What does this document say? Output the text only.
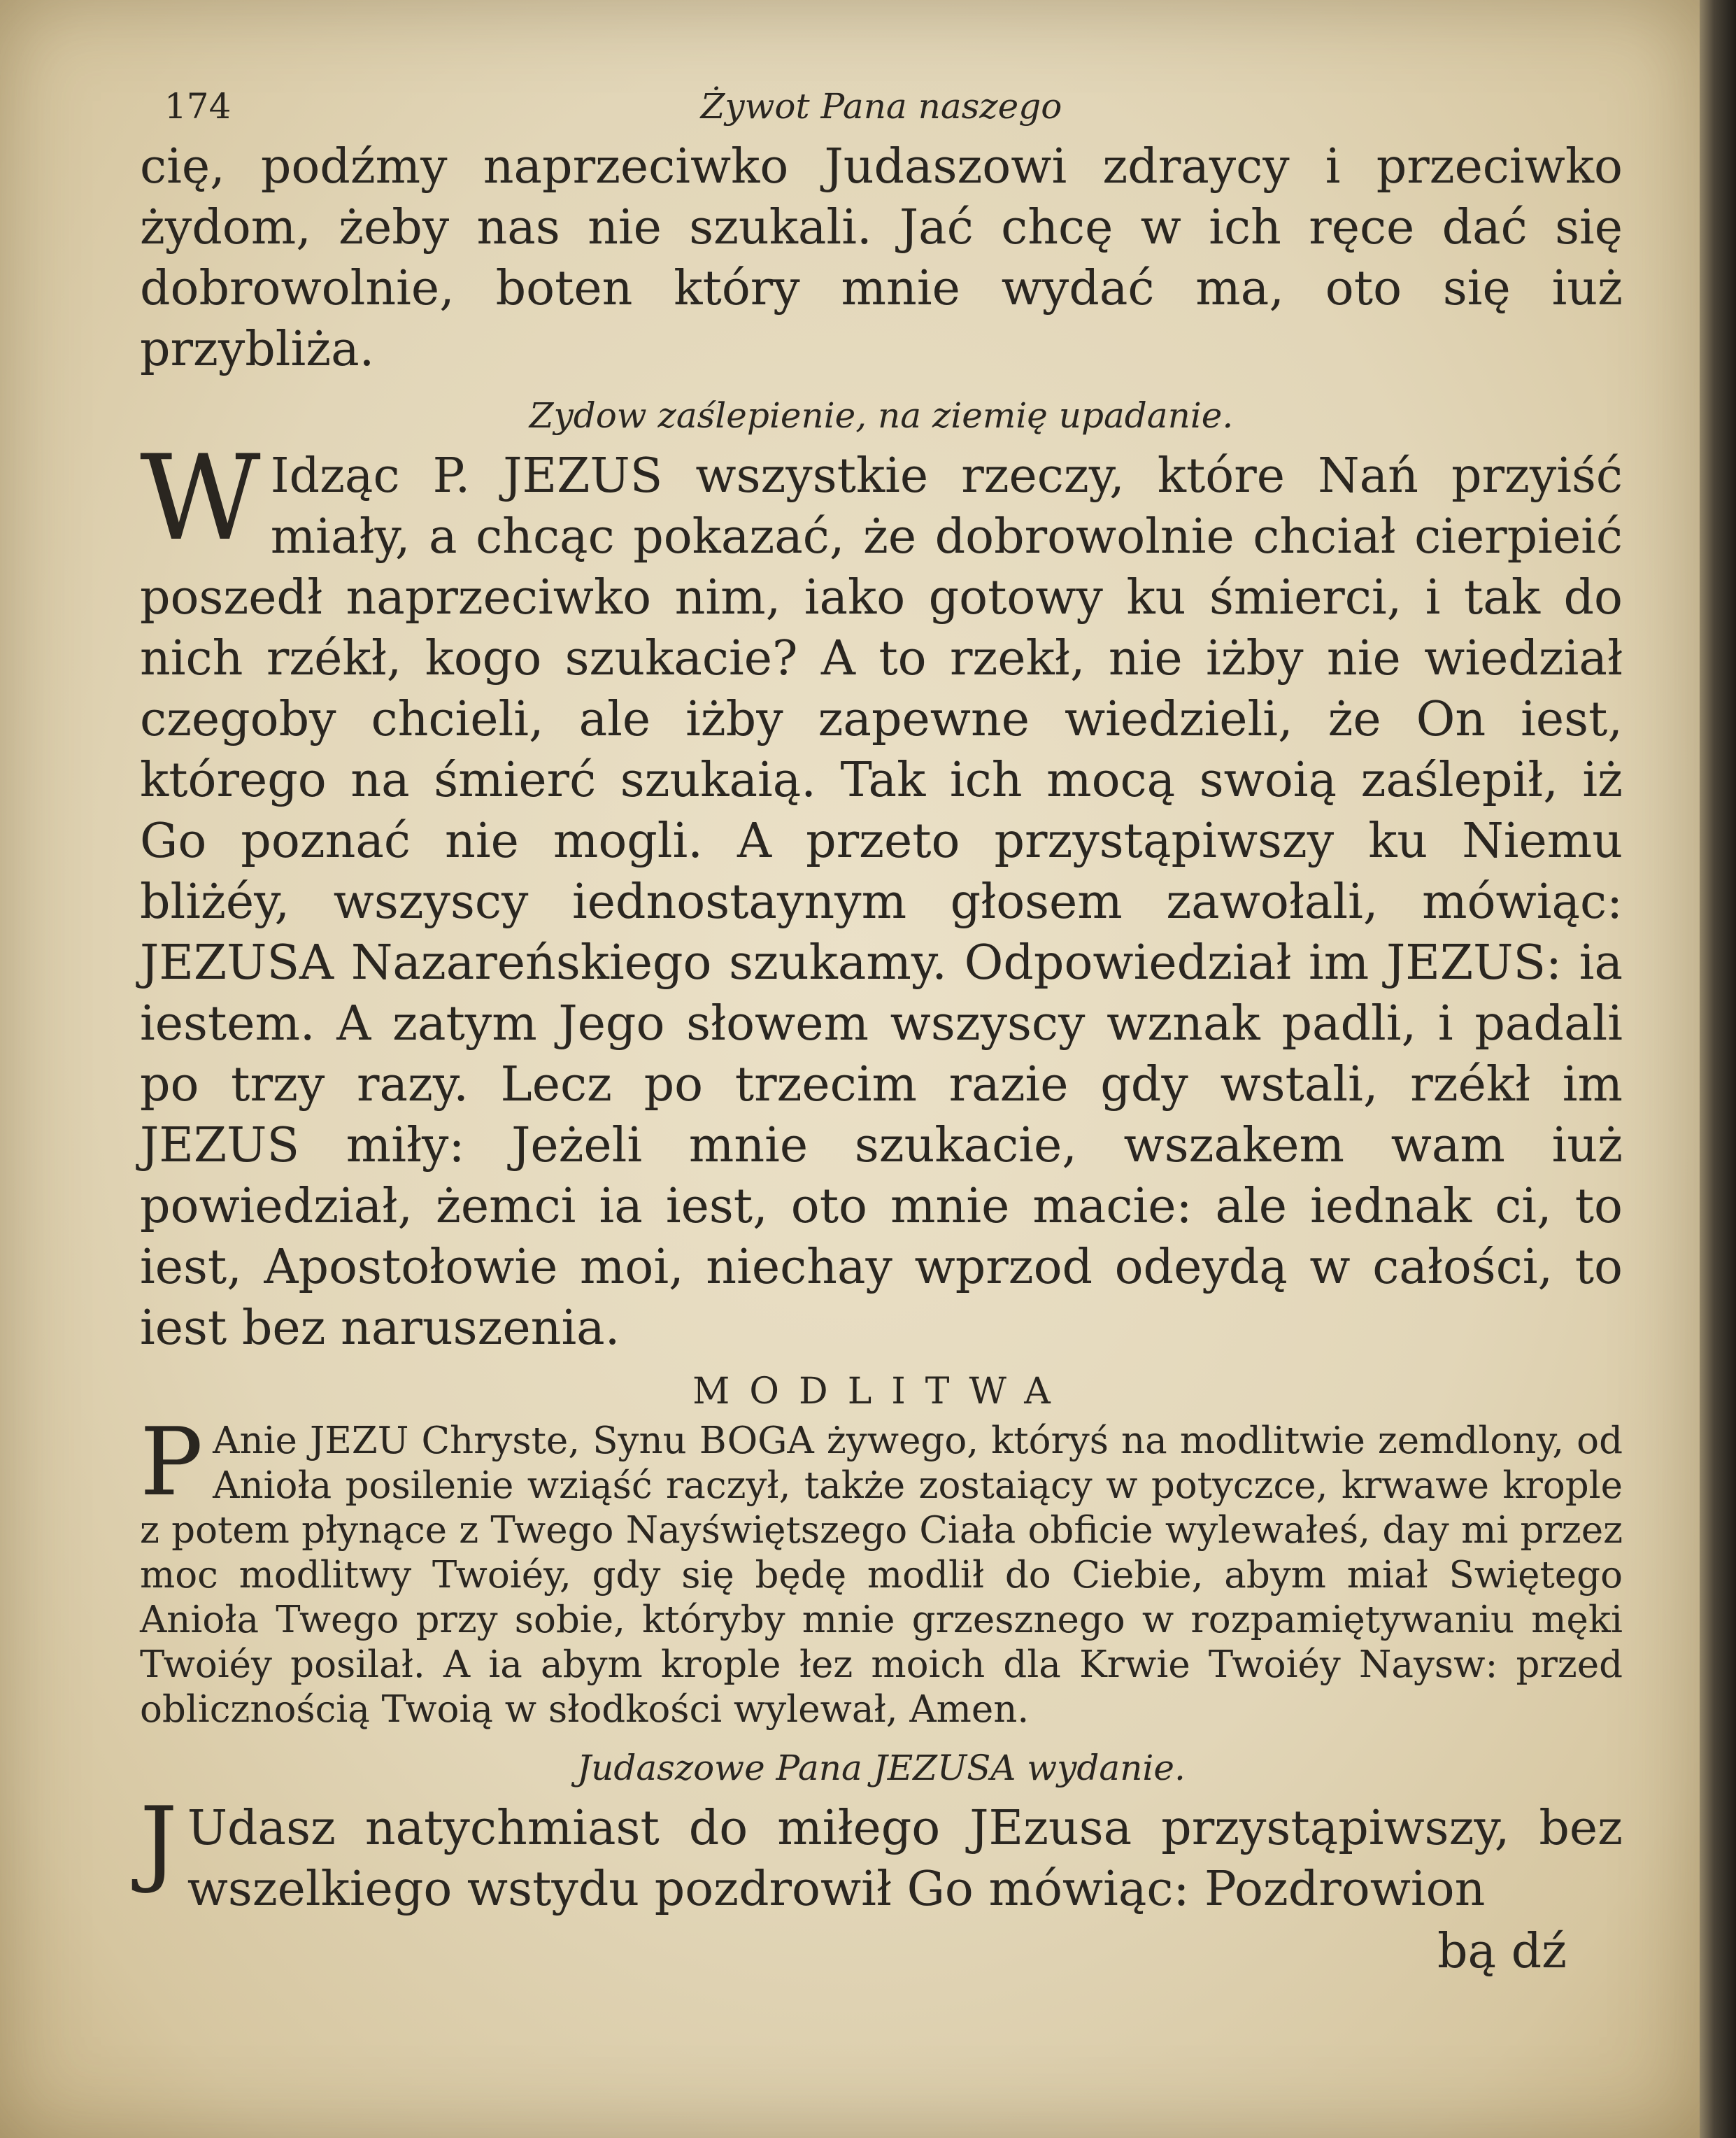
174	Żywot Pana naszego

cię, podźmy naprzeciwko Judaszowi zdraycy i przeciwko żydom, żeby nas nie szukali. Jać chcę w ich ręce dać się dobrowolnie, boten który mnie wydać ma, oto się iuż przybliża.

Zydow zaślepienie, na ziemię upadanie.

W Idząc P. JEZUS wszystkie rzeczy, które Nań przyiść miały, a chcąc pokazać, że dobrowolnie chciał cierpieić poszedł naprzeciwko nim, iako gotowy ku śmierci, i tak do nich rzékł, kogo szukacie? A to rzekł, nie iżby nie wiedział czegoby chcieli, ale iżby zapewne wiedzieli, że On iest, którego na śmierć szukaią. Tak ich mocą swoią zaślepił, iż Go poznać nie mogli. A przeto przystąpiwszy ku Niemu bliżéy, wszyscy iednostaynym głosem zawołali, mówiąc: JEZUSA Nazareńskiego szukamy. Odpowiedział im JEZUS: ia iestem. A zatym Jego słowem wszyscy wznak padli, i padali po trzy razy. Lecz po trzecim razie gdy wstali, rzékł im JEZUS miły: Jeżeli mnie szukacie, wszakem wam iuż powiedział, żemci ia iest, oto mnie macie: ale iednak ci, to iest, Apostołowie moi, niechay wprzod odeydą w całości, to iest bez naruszenia.

MODLITWA

P Anie JEZU Chryste, Synu BOGA żywego, któryś na modlitwie zemdlony, od Anioła posilenie wziąść raczył, także zostaiący w potyczce, krwawe krople z potem płynące z Twego Nayświętszego Ciała obficie wylewałeś, day mi przez moc modlitwy Twoiéy, gdy się będę modlił do Ciebie, abym miał Swiętego Anioła Twego przy sobie, któryby mnie grzesznego w rozpamiętywaniu męki Twoiéy posilał. A ia abym krople łez moich dla Krwie Twoiéy Naysw: przed oblicznością Twoią w słodkości wylewał, Amen.

Judaszowe Pana JEZUSA wydanie.

J Udasz natychmiast do miłego JEzusa przystąpiwszy, bez wszelkiego wstydu pozdrowił Go mówiąc: Pozdrowion

bą dź
